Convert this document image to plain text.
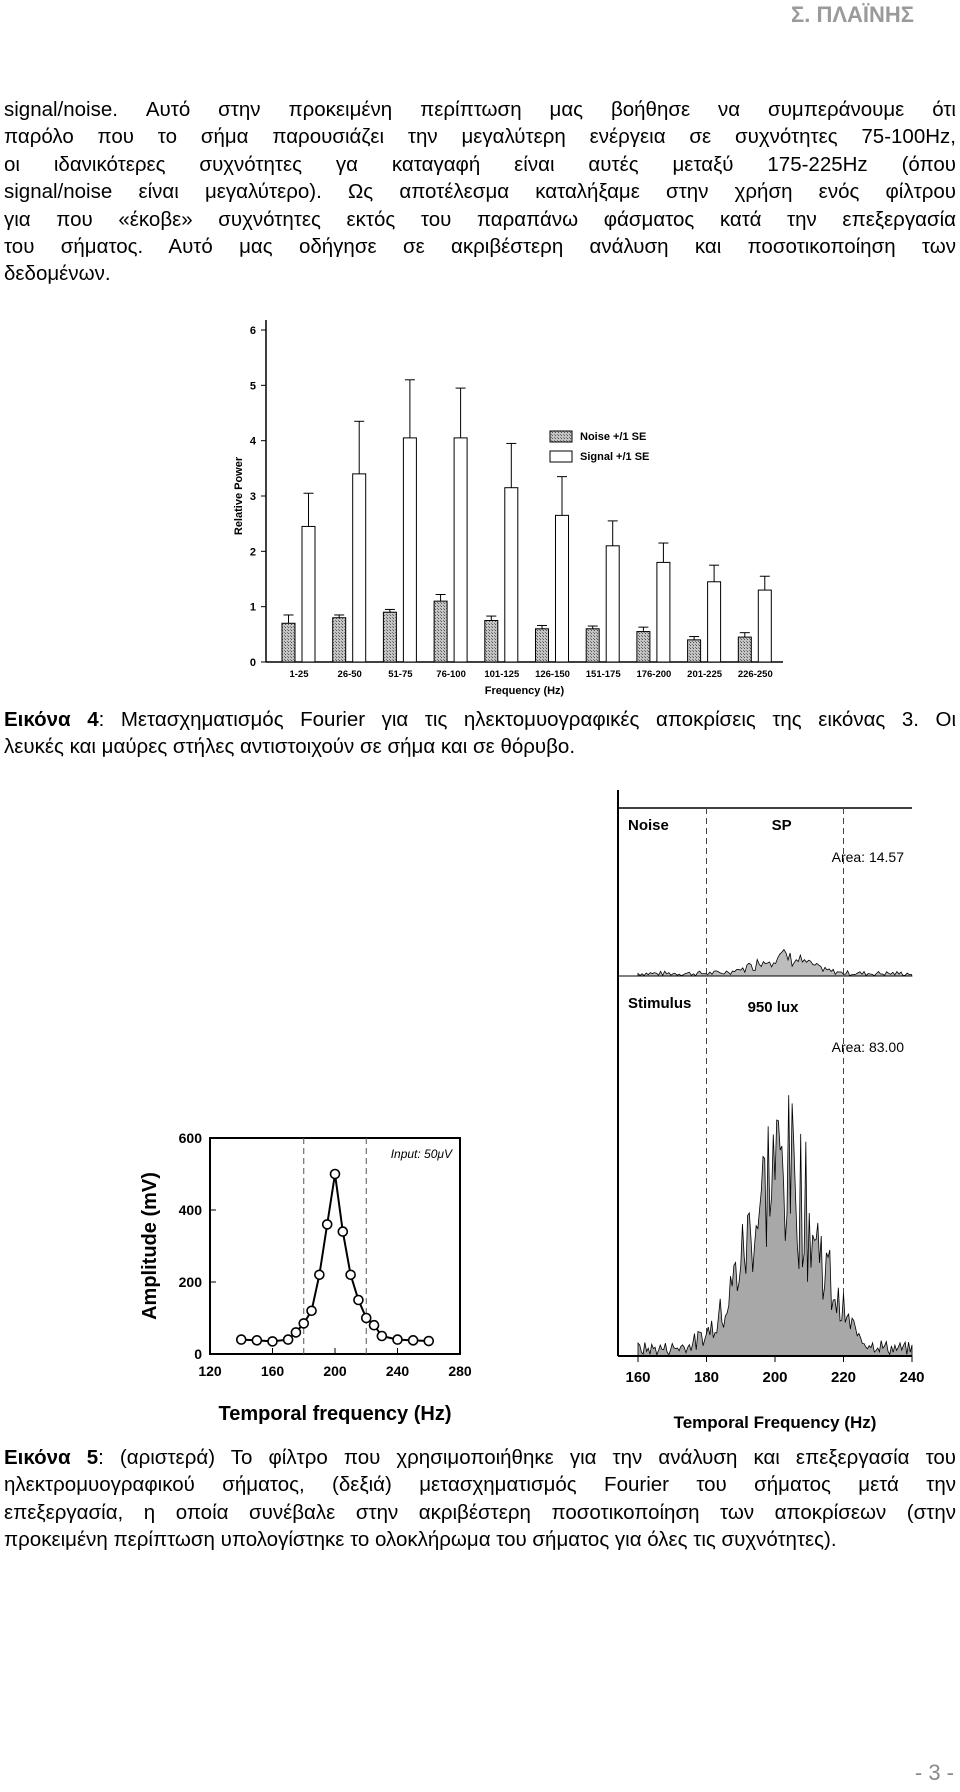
Σ. ΠΛΑΪΝΗΣ
signal/noise. Αυτό στην προκειμένη περίπτωση μας βοήθησε να συμπεράνουμε ότι
παρόλο που το σήμα παρουσιάζει την μεγαλύτερη ενέργεια σε συχνότητες 75-100Hz,
οι ιδανικότερες συχνότητες γα καταγαφή είναι αυτές μεταξύ 175-225Hz (όπου
signal/noise είναι μεγαλύτερο). Ως αποτέλεσμα καταλήξαμε στην χρήση ενός φίλτρου
για που «έκοβε» συχνότητες εκτός του παραπάνω φάσματος κατά την επεξεργασία
του σήματος. Αυτό μας οδήγησε σε ακριβέστερη ανάλυση και ποσοτικοποίηση των
δεδομένων.
0
1
2
3
4
5
6
Relative Power
1-25	26-50	51-75 76-100 101-125 126-150 151-175 176-200 201-225 226-250
Frequency (Hz)
Noise +/1 SE
Signal +/1 SE
Εικόνα 4: Μετασχηματισμός Fourier για τις ηλεκτομυογραφικές αποκρίσεις της εικόνας 3. Οι
λευκές και μαύρες στήλες αντιστοιχούν σε σήμα και σε θόρυβο.
120	160	200	240	280
0
200
400
600
Input: 50μV
Amplitude (mV)
Temporal frequency (Hz)
Noise	SP
Area: 14.57
Stimulus	950 lux
Area: 83.00
160	180	200	220	240
Temporal Frequency (Hz)
Εικόνα 5: (αριστερά) Το φίλτρο που χρησιμοποιήθηκε για την ανάλυση και επεξεργασία του
ηλεκτρομυογραφικού σήματος, (δεξιά) μετασχηματισμός Fourier του σήματος μετά την
επεξεργασία, η οποία συνέβαλε στην ακριβέστερη ποσοτικοποίηση των αποκρίσεων (στην
προκειμένη περίπτωση υπολογίστηκε το ολοκλήρωμα του σήματος για όλες τις συχνότητες).
- 3 -
